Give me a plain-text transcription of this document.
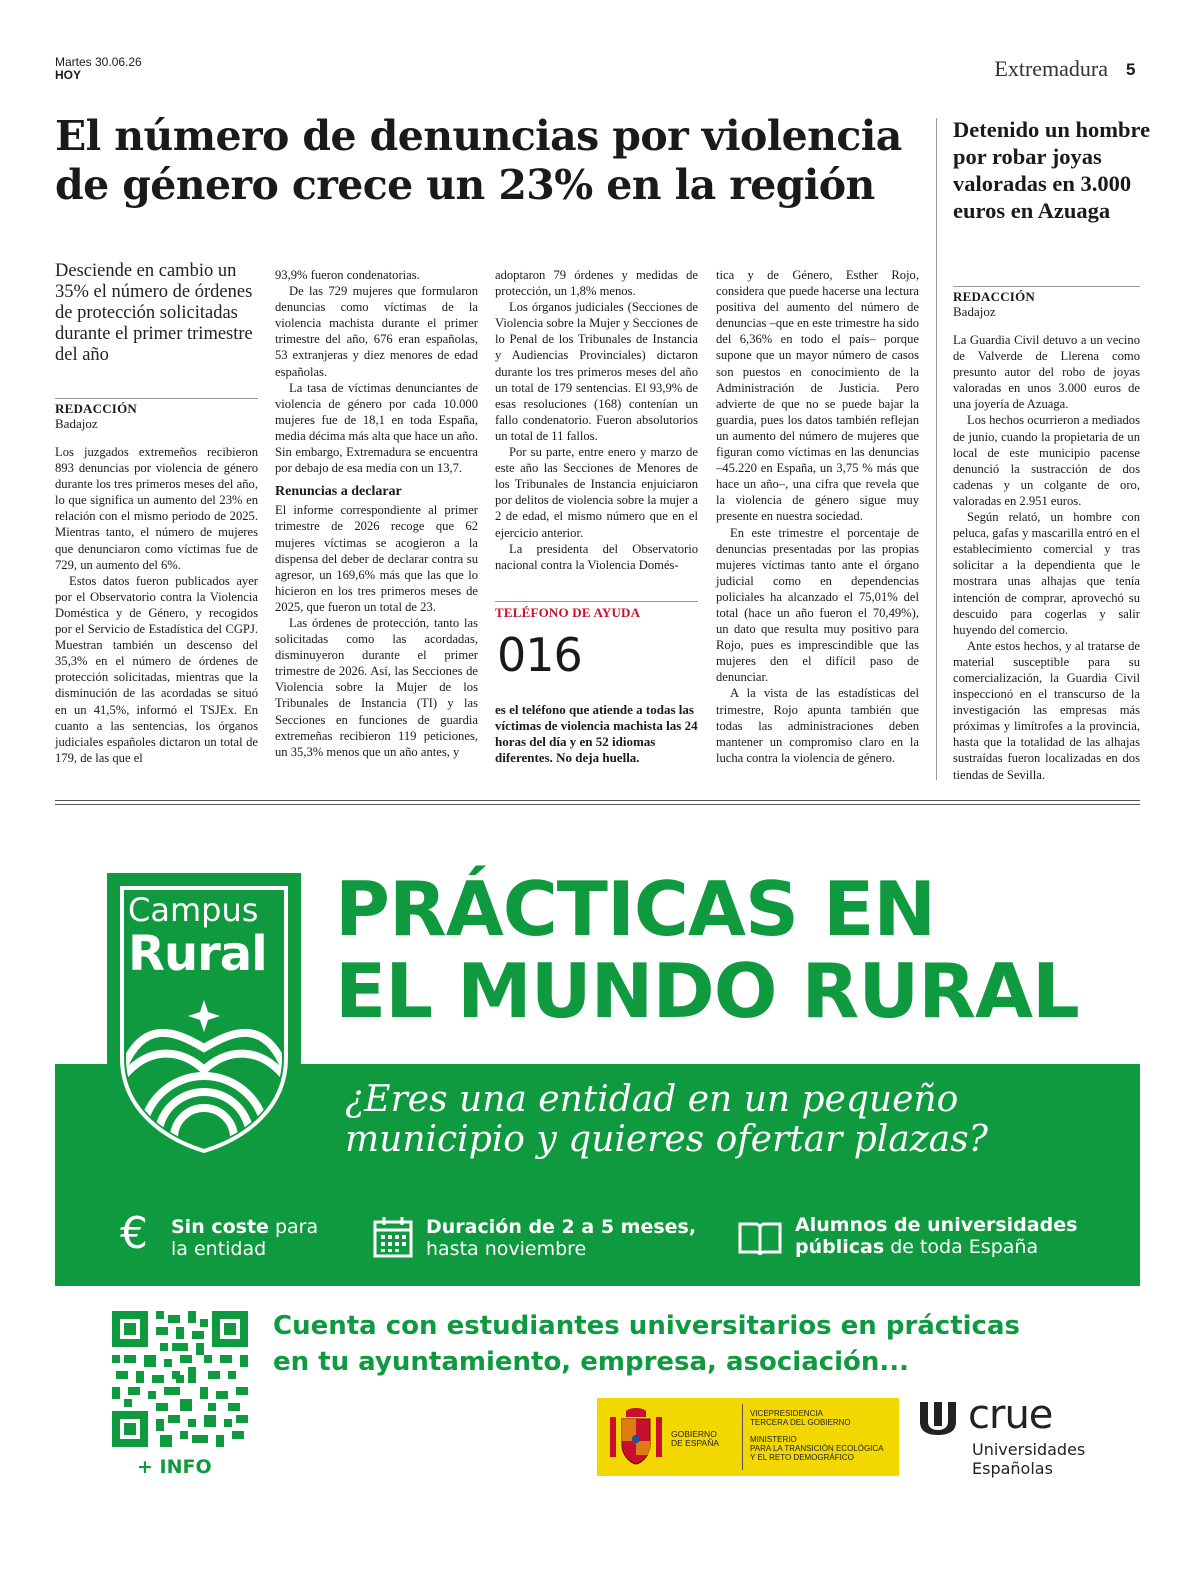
Martes 30.06.26
HOY	Extremadura 5
El número de denuncias por violencia de género crece un 23% en la región
Detenido un hombre por robar joyas valoradas en 3.000 euros en Azuaga
Desciende en cambio un 35% el número de órdenes de protección solicitadas durante el primer trimestre del año
REDACCIÓN
Badajoz

Los juzgados extremeños recibieron 893 denuncias por violencia de género durante los tres primeros meses del año, lo que significa un aumento del 23% en relación con el mismo periodo de 2025. Mientras tanto, el número de mujeres que denunciaron como víctimas fue de 729, un aumento del 6%.

Estos datos fueron publicados ayer por el Observatorio contra la Violencia Doméstica y de Género, y recogidos por el Servicio de Estadística del CGPJ. Muestran también un descenso del 35,3% en el número de órdenes de protección solicitadas, mientras que la disminución de las acordadas se situó en un 41,5%, informó el TSJEx. En cuanto a las sentencias, los órganos judiciales españoles dictaron un total de 179, de las que el

93,9% fueron condenatorias.

De las 729 mujeres que formularon denuncias como víctimas de la violencia machista durante el primer trimestre del año, 676 eran españolas, 53 extranjeras y diez menores de edad españolas.

La tasa de víctimas denunciantes de violencia de género por cada 10.000 mujeres fue de 18,1 en toda España, media décima más alta que hace un año. Sin embargo, Extremadura se encuentra por debajo de esa media con un 13,7.

Renuncias a declarar

El informe correspondiente al primer trimestre de 2026 recoge que 62 mujeres víctimas se acogieron a la dispensa del deber de declarar contra su agresor, un 169,6% más que las que lo hicieron en los tres primeros meses de 2025, que fueron un total de 23.

Las órdenes de protección, tanto las solicitadas como las acordadas, disminuyeron durante el primer trimestre de 2026. Así, las Secciones de Violencia sobre la Mujer de los Tribunales de Instancia (TI) y las Secciones en funciones de guardia extremeñas recibieron 119 peticiones, un 35,3% menos que un año antes, y

adoptaron 79 órdenes y medidas de protección, un 1,8% menos.

Los órganos judiciales (Secciones de Violencia sobre la Mujer y Secciones de lo Penal de los Tribunales de Instancia y Audiencias Provinciales) dictaron durante los tres primeros meses del año un total de 179 sentencias. El 93,9% de esas resoluciones (168) contenían un fallo condenatorio. Fueron absolutorios un total de 11 fallos.

Por su parte, entre enero y marzo de este año las Secciones de Menores de los Tribunales de Instancia enjuiciaron por delitos de violencia sobre la mujer a 2 de edad, el mismo número que en el ejercicio anterior.

La presidenta del Observatorio nacional contra la Violencia Domés-

TELÉFONO DE AYUDA
016
es el teléfono que atiende a todas las víctimas de violencia machista las 24 horas del día y en 52 idiomas diferentes. No deja huella.

tica y de Género, Esther Rojo, considera que puede hacerse una lectura positiva del aumento del número de denuncias –que en este trimestre ha sido del 6,36% en todo el país– porque supone que un mayor número de casos son puestos en conocimiento de la Administración de Justicia. Pero advierte de que no se puede bajar la guardia, pues los datos también reflejan un aumento del número de mujeres que figuran como víctimas en las denuncias –45.220 en España, un 3,75 % más que hace un año–, una cifra que revela que la violencia de género sigue muy presente en nuestra sociedad.

En este trimestre el porcentaje de denuncias presentadas por las propias mujeres víctimas tanto ante el órgano judicial como en dependencias policiales ha alcanzado el 75,01% del total (hace un año fueron el 70,49%), un dato que resulta muy positivo para Rojo, pues es imprescindible que las mujeres den el difícil paso de denunciar.

A la vista de las estadísticas del trimestre, Rojo apunta también que todas las administraciones deben mantener un compromiso claro en la lucha contra la violencia de género.

REDACCIÓN
Badajoz

La Guardia Civil detuvo a un vecino de Valverde de Llerena como presunto autor del robo de joyas valoradas en unos 3.000 euros de una joyería de Azuaga.

Los hechos ocurrieron a mediados de junio, cuando la propietaria de un local de este municipio pacense denunció la sustracción de dos cadenas y un colgante de oro, valoradas en 2.951 euros.

Según relató, un hombre con peluca, gafas y mascarilla entró en el establecimiento comercial y tras solicitar a la dependienta que le mostrara unas alhajas que tenía intención de comprar, aprovechó su descuido para cogerlas y salir huyendo del comercio.

Ante estos hechos, y al tratarse de material susceptible para su comercialización, la Guardia Civil inspeccionó en el transcurso de la investigación las empresas más próximas y limítrofes a la provincia, hasta que la totalidad de las alhajas sustraídas fueron localizadas en dos tiendas de Sevilla.

Campus
Rural
PRÁCTICAS EN
EL MUNDO RURAL
¿Eres una entidad en un pequeño
municipio y quieres ofertar plazas?
€	Sin coste para
la entidad
Duración de 2 a 5 meses,
hasta noviembre
Alumnos de universidades
públicas de toda España
+ INFO
Cuenta con estudiantes universitarios en prácticas
en tu ayuntamiento, empresa, asociación...
GOBIERNO
DE ESPAÑA
VICEPRESIDENCIA
TERCERA DEL GOBIERNO
MINISTERIO
PARA LA TRANSICIÓN ECOLÓGICA
Y EL RETO DEMOGRÁFICO
crue
Universidades
Españolas
